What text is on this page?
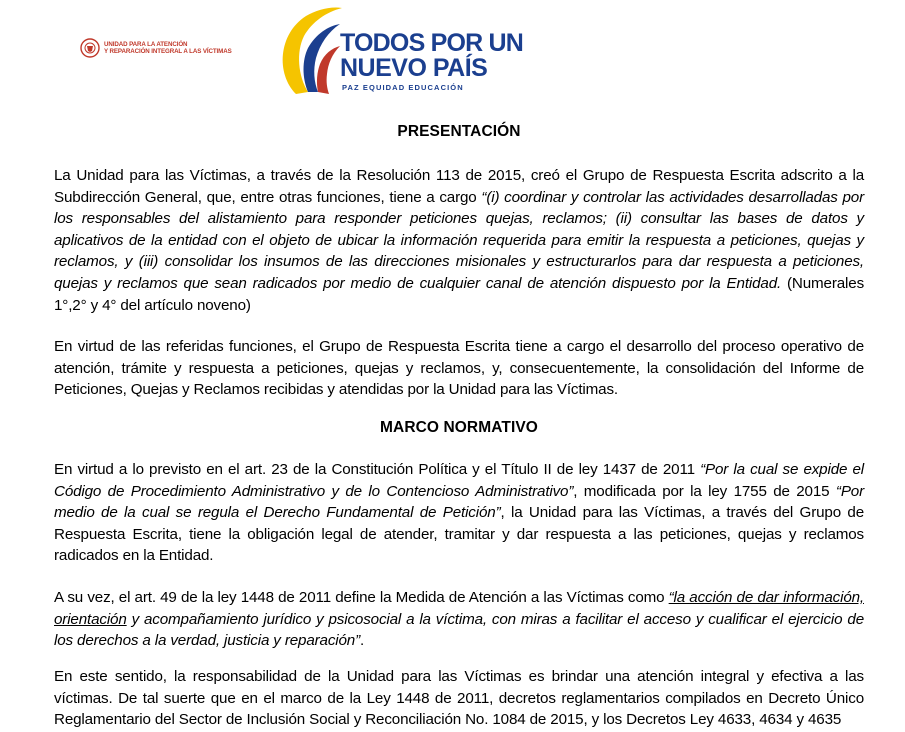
UNIDAD PARA LA ATENCIÓN
Y REPARACIÓN INTEGRAL A LAS VÍCTIMAS	TODOS POR UN
NUEVO PAÍS
PAZ EQUIDAD EDUCACIÓN
PRESENTACIÓN

La Unidad para las Víctimas, a través de la Resolución 113 de 2015, creó el Grupo de Respuesta Escrita adscrito a la Subdirección General, que, entre otras funciones, tiene a cargo “(i) coordinar y controlar las actividades desarrolladas por los responsables del alistamiento para responder peticiones quejas, reclamos; (ii) consultar las bases de datos y aplicativos de la entidad con el objeto de ubicar la información requerida para emitir la respuesta a peticiones, quejas y reclamos, y (iii) consolidar los insumos de las direcciones misionales y estructurarlos para dar respuesta a peticiones, quejas y reclamos que sean radicados por medio de cualquier canal de atención dispuesto por la Entidad. (Numerales 1°,2° y 4° del artículo noveno)

En virtud de las referidas funciones, el Grupo de Respuesta Escrita tiene a cargo el desarrollo del proceso operativo de atención, trámite y respuesta a peticiones, quejas y reclamos, y, consecuentemente, la consolidación del Informe de Peticiones, Quejas y Reclamos recibidas y atendidas por la Unidad para las Víctimas.

MARCO NORMATIVO

En virtud a lo previsto en el art. 23 de la Constitución Política y el Título II de ley 1437 de 2011 “Por la cual se expide el Código de Procedimiento Administrativo y de lo Contencioso Administrativo”, modificada por la ley 1755 de 2015 “Por medio de la cual se regula el Derecho Fundamental de Petición”, la Unidad para las Víctimas, a través del Grupo de Respuesta Escrita, tiene la obligación legal de atender, tramitar y dar respuesta a las peticiones, quejas y reclamos radicados en la Entidad.

A su vez, el art. 49 de la ley 1448 de 2011 define la Medida de Atención a las Víctimas como “la acción de dar información, orientación y acompañamiento jurídico y psicosocial a la víctima, con miras a facilitar el acceso y cualificar el ejercicio de los derechos a la verdad, justicia y reparación”.

En este sentido, la responsabilidad de la Unidad para las Víctimas es brindar una atención integral y efectiva a las víctimas. De tal suerte que en el marco de la Ley 1448 de 2011, decretos reglamentarios compilados en Decreto Único Reglamentario del Sector de Inclusión Social y Reconciliación No. 1084 de 2015, y los Decretos Ley 4633, 4634 y 4635
